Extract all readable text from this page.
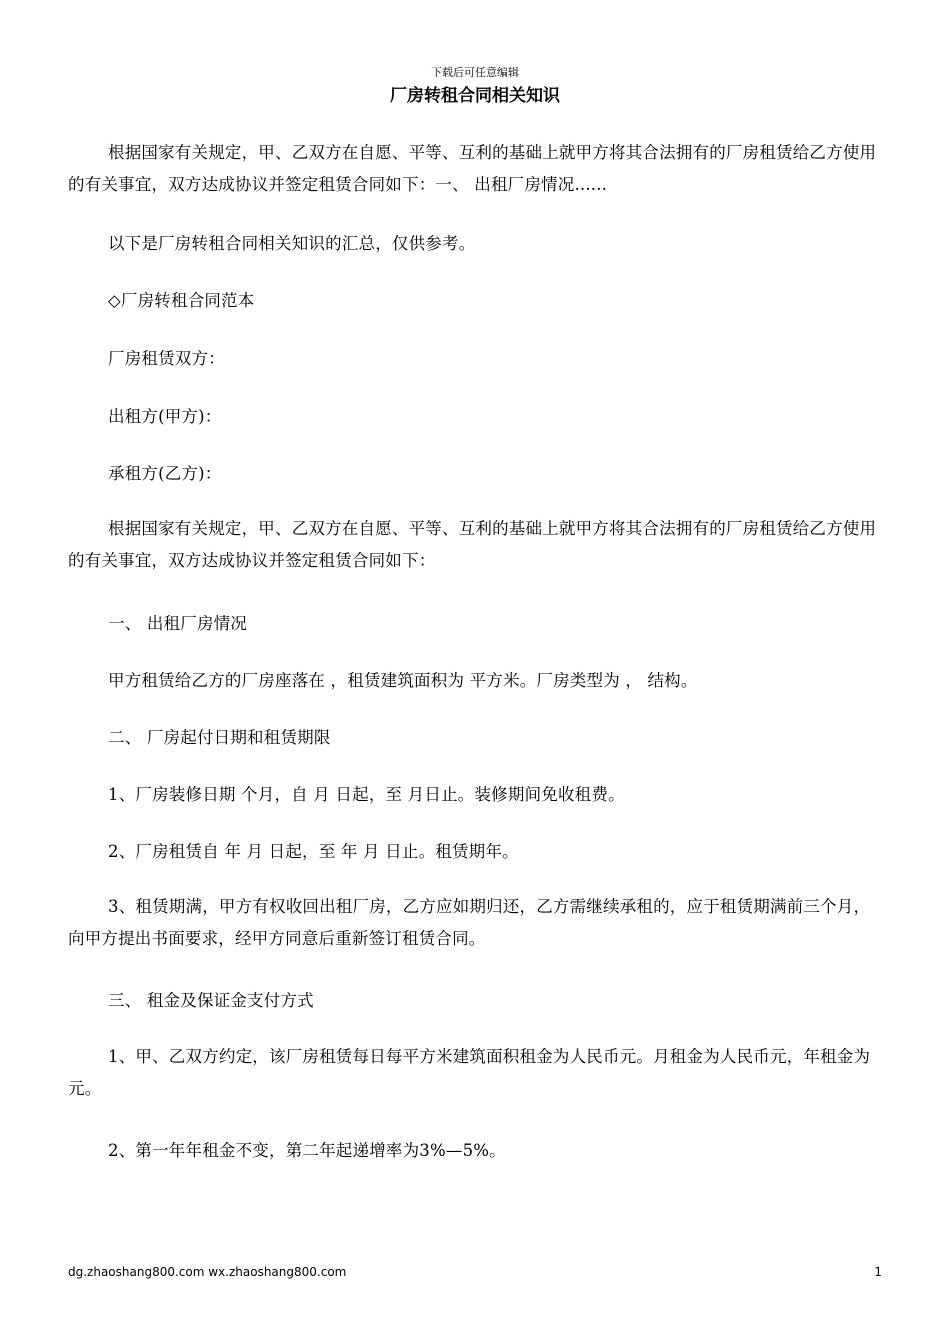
下载后可任意编辑
厂房转租合同相关知识

根据国家有关规定，甲、乙双方在自愿、平等、互利的基础上就甲方将其合法拥有的厂房租赁给乙方使用的有关事宜，双方达成协议并签定租赁合同如下：一、 出租厂房情况......

以下是厂房转租合同相关知识的汇总，仅供参考。

◇厂房转租合同范本

厂房租赁双方：

出租方(甲方)：

承租方(乙方)：

根据国家有关规定，甲、乙双方在自愿、平等、互利的基础上就甲方将其合法拥有的厂房租赁给乙方使用的有关事宜，双方达成协议并签定租赁合同如下：

一、 出租厂房情况

甲方租赁给乙方的厂房座落在 ，租赁建筑面积为 平方米。厂房类型为 ， 结构。

二、 厂房起付日期和租赁期限

1、厂房装修日期 个月，自 月 日起，至 月日止。装修期间免收租费。

2、厂房租赁自 年 月 日起，至 年 月 日止。租赁期年。

3、租赁期满，甲方有权收回出租厂房，乙方应如期归还，乙方需继续承租的，应于租赁期满前三个月，向甲方提出书面要求，经甲方同意后重新签订租赁合同。

三、 租金及保证金支付方式

1、甲、乙双方约定，该厂房租赁每日每平方米建筑面积租金为人民币元。月租金为人民币元，年租金为 元。

2、第一年年租金不变，第二年起递增率为3%—5%。

dg.zhaoshang800.com wx.zhaoshang800.com	1
